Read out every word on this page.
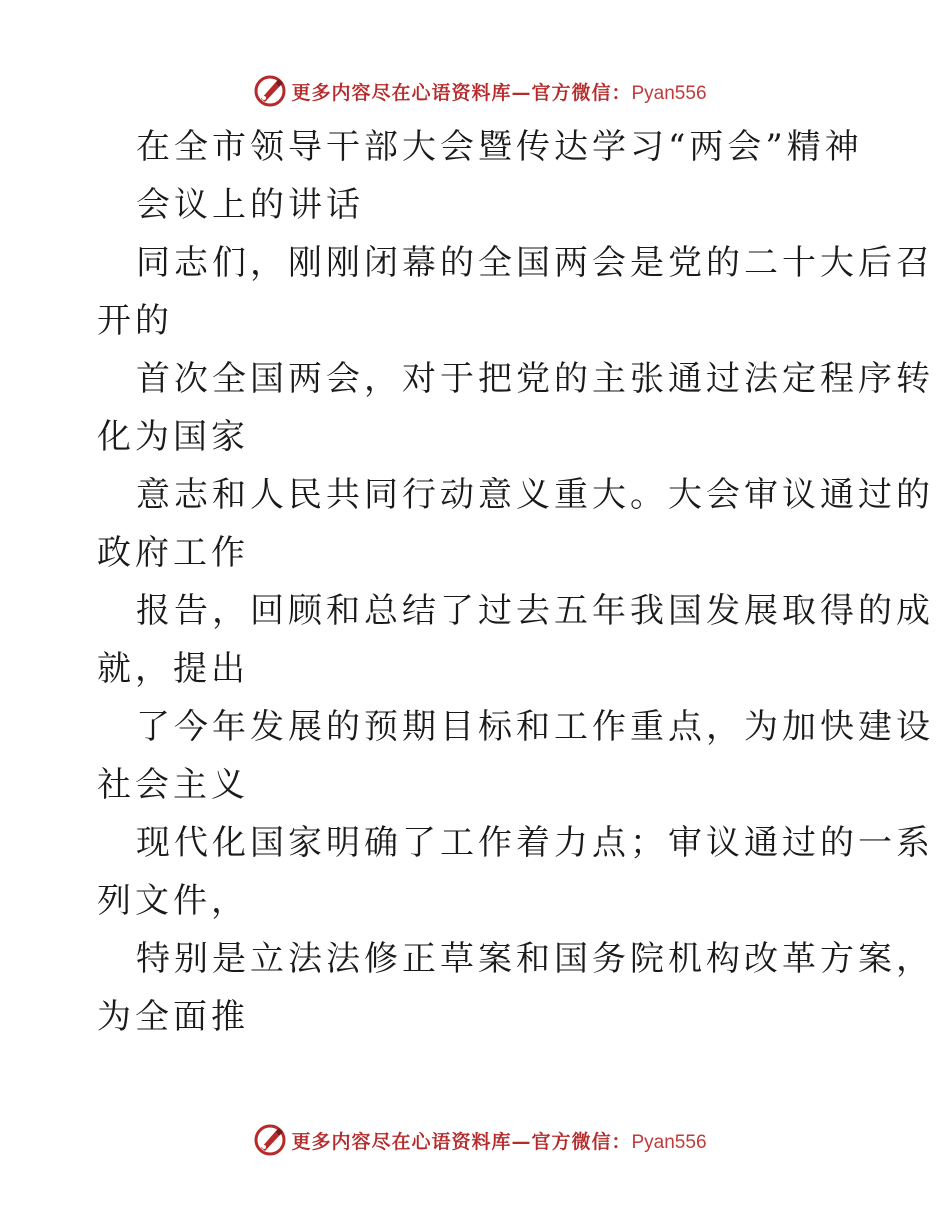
更多内容尽在心语资料库—官方微信：Pyan556
在全市领导干部大会暨传达学习“两会”精神
会议上的讲话
同志们，刚刚闭幕的全国两会是党的二十大后召
开的
首次全国两会，对于把党的主张通过法定程序转
化为国家
意志和人民共同行动意义重大。大会审议通过的
政府工作
报告，回顾和总结了过去五年我国发展取得的成
就，提出
了今年发展的预期目标和工作重点，为加快建设
社会主义
现代化国家明确了工作着力点；审议通过的一系
列文件，
特别是立法法修正草案和国务院机构改革方案，
为全面推
更多内容尽在心语资料库—官方微信：Pyan556
